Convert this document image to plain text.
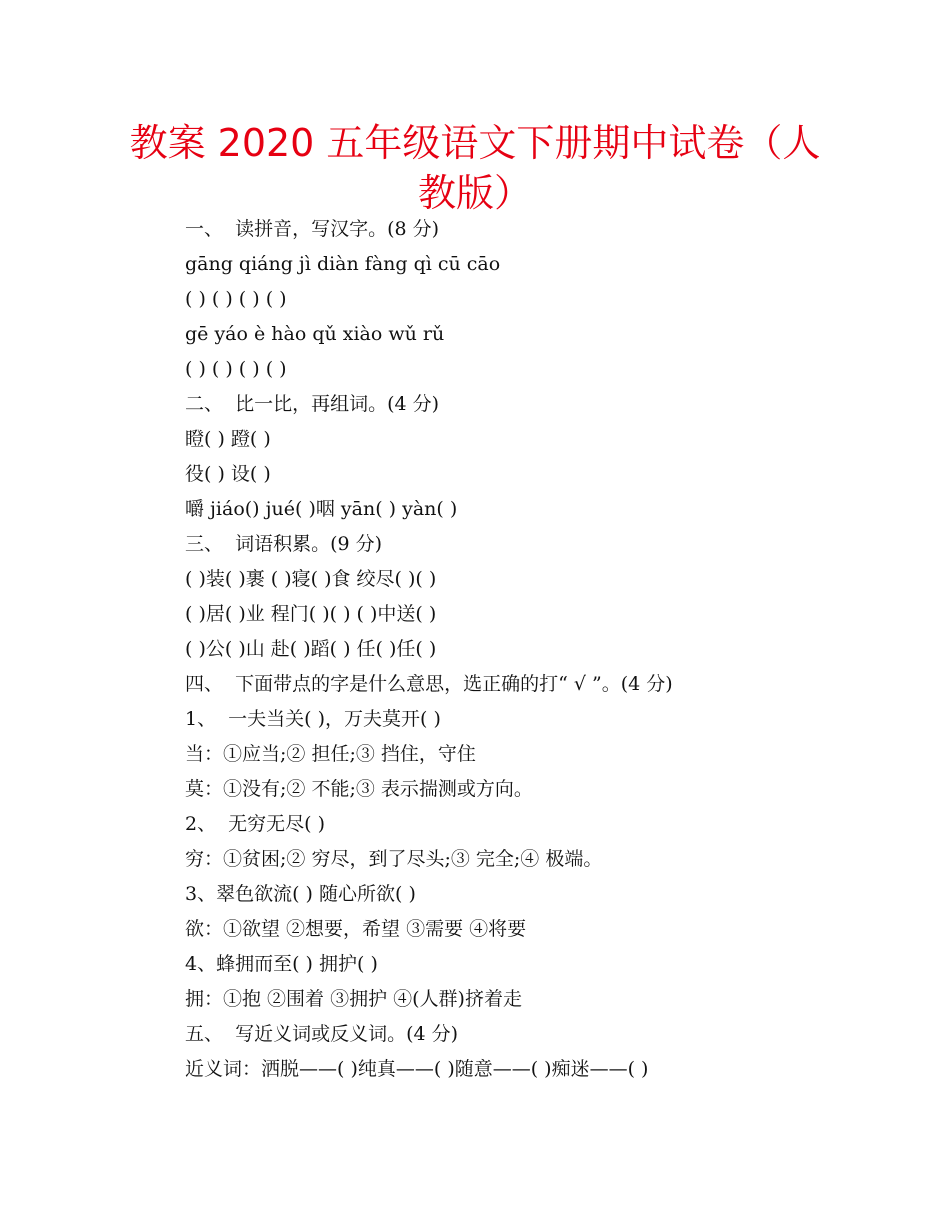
教案 2020 五年级语文下册期中试卷（人教版）
一、  读拼音，写汉字。(8 分)
gāng qiáng jì diàn fàng qì cū cāo
( ) ( ) ( ) ( )
gē yáo è hào qǔ xiào wǔ rǔ
( ) ( ) ( ) ( )
二、  比一比，再组词。(4 分)
瞪( ) 蹬( )
役( ) 设( )
嚼 jiáo() jué( )咽 yān( ) yàn( )
三、  词语积累。(9 分)
( )装( )裹 ( )寝( )食 绞尽( )( )
( )居( )业 程门( )( ) ( )中送( )
( )公( )山 赴( )蹈( ) 任( )任( )
四、  下面带点的字是什么意思，选正确的打“ √ ”。(4 分)
1、  一夫当关( )，万夫莫开( )
当：①应当;② 担任;③ 挡住，守住
莫：①没有;② 不能;③ 表示揣测或方向。
2、  无穷无尽( )
穷：①贫困;② 穷尽，到了尽头;③ 完全;④ 极端。
3、翠色欲流( ) 随心所欲( )
欲：①欲望 ②想要，希望 ③需要 ④将要
4、蜂拥而至( ) 拥护( )
拥：①抱 ②围着 ③拥护 ④(人群)挤着走
五、  写近义词或反义词。(4 分)
近义词：洒脱——( )纯真——( )随意——( )痴迷——( )
